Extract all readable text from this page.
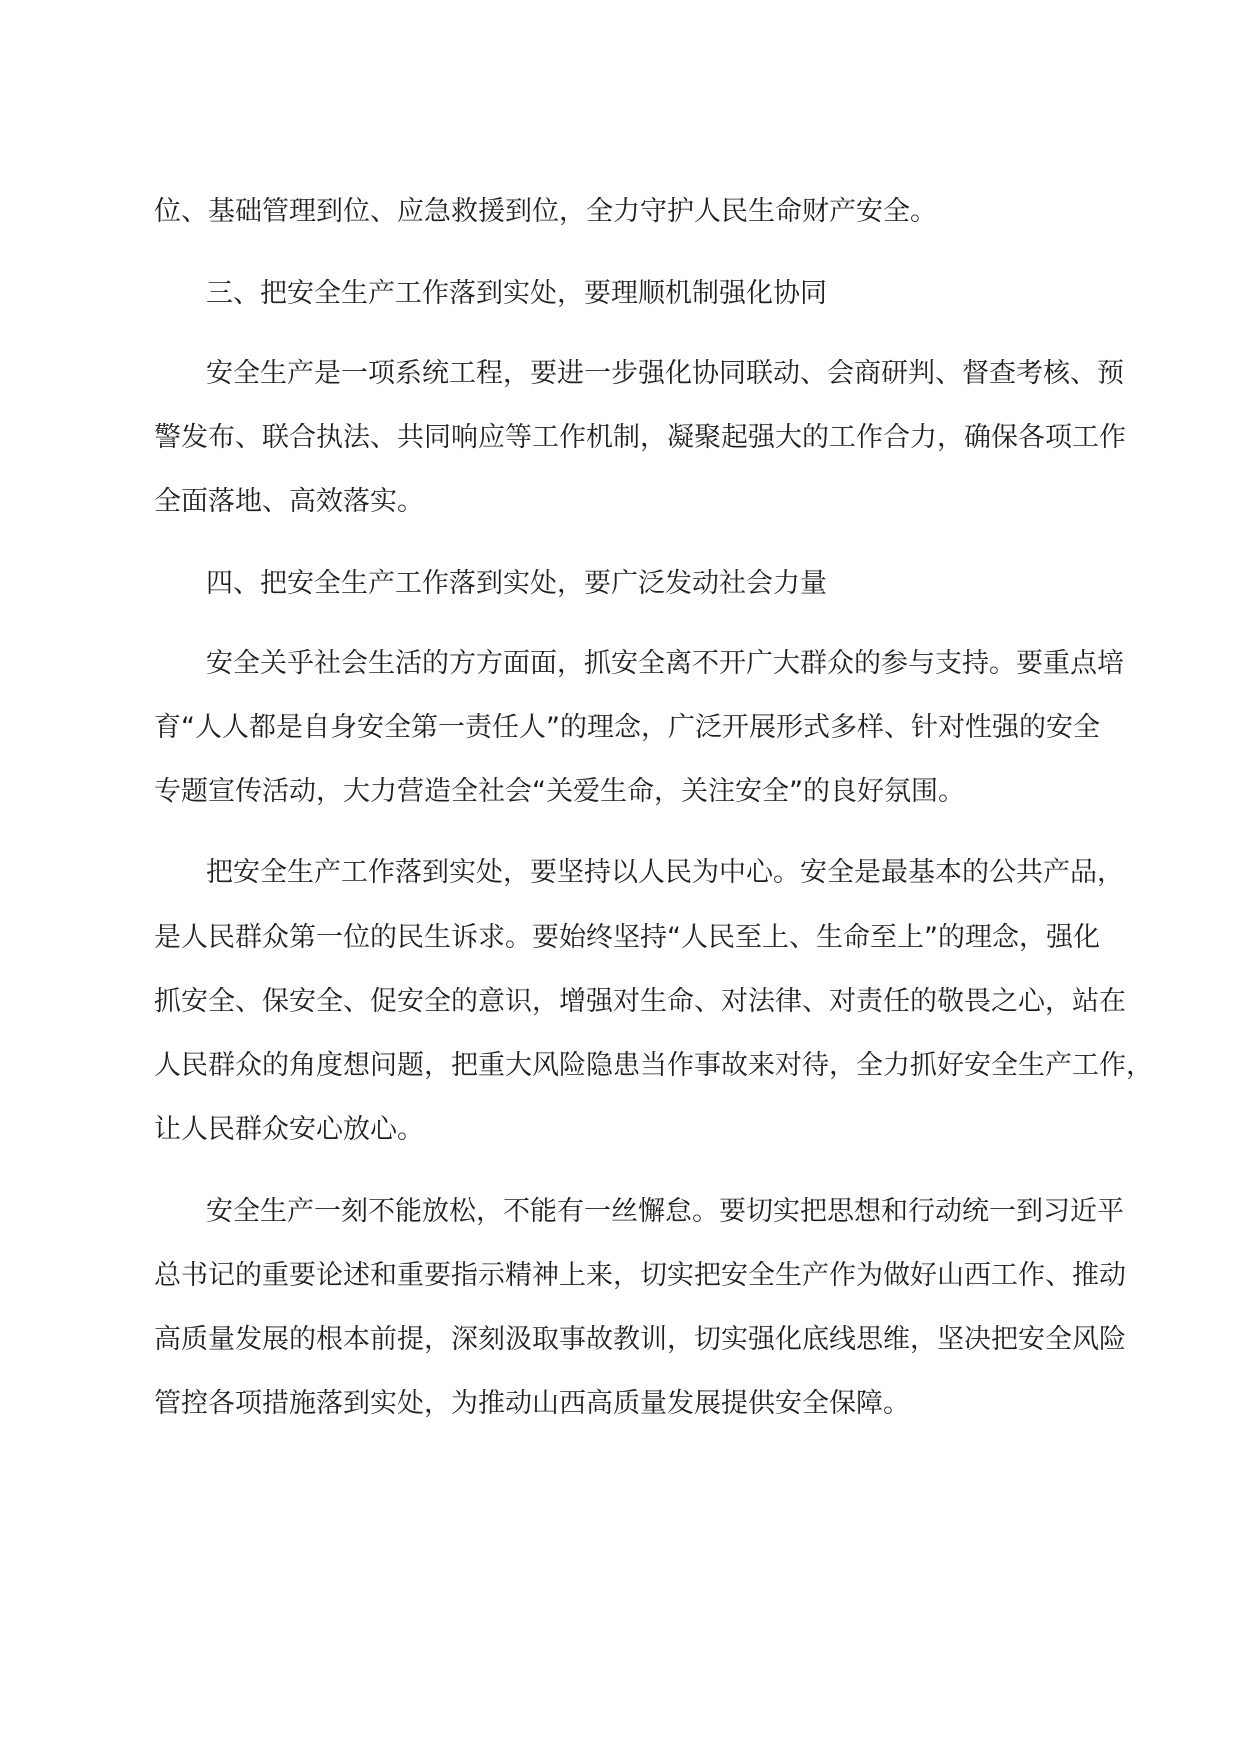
位、基础管理到位、应急救援到位，全力守护人民生命财产安全。

三、把安全生产工作落到实处，要理顺机制强化协同

安全生产是一项系统工程，要进一步强化协同联动、会商研判、督查考核、预

警发布、联合执法、共同响应等工作机制，凝聚起强大的工作合力，确保各项工作

全面落地、高效落实。

四、把安全生产工作落到实处，要广泛发动社会力量

安全关乎社会生活的方方面面，抓安全离不开广大群众的参与支持。要重点培

育“人人都是自身安全第一责任人”的理念，广泛开展形式多样、针对性强的安全

专题宣传活动，大力营造全社会“关爱生命，关注安全”的良好氛围。

把安全生产工作落到实处，要坚持以人民为中心。安全是最基本的公共产品，

是人民群众第一位的民生诉求。要始终坚持“人民至上、生命至上”的理念，强化

抓安全、保安全、促安全的意识，增强对生命、对法律、对责任的敬畏之心，站在

人民群众的角度想问题，把重大风险隐患当作事故来对待，全力抓好安全生产工作，

让人民群众安心放心。

安全生产一刻不能放松，不能有一丝懈怠。要切实把思想和行动统一到习近平

总书记的重要论述和重要指示精神上来，切实把安全生产作为做好山西工作、推动

高质量发展的根本前提，深刻汲取事故教训，切实强化底线思维，坚决把安全风险

管控各项措施落到实处，为推动山西高质量发展提供安全保障。
